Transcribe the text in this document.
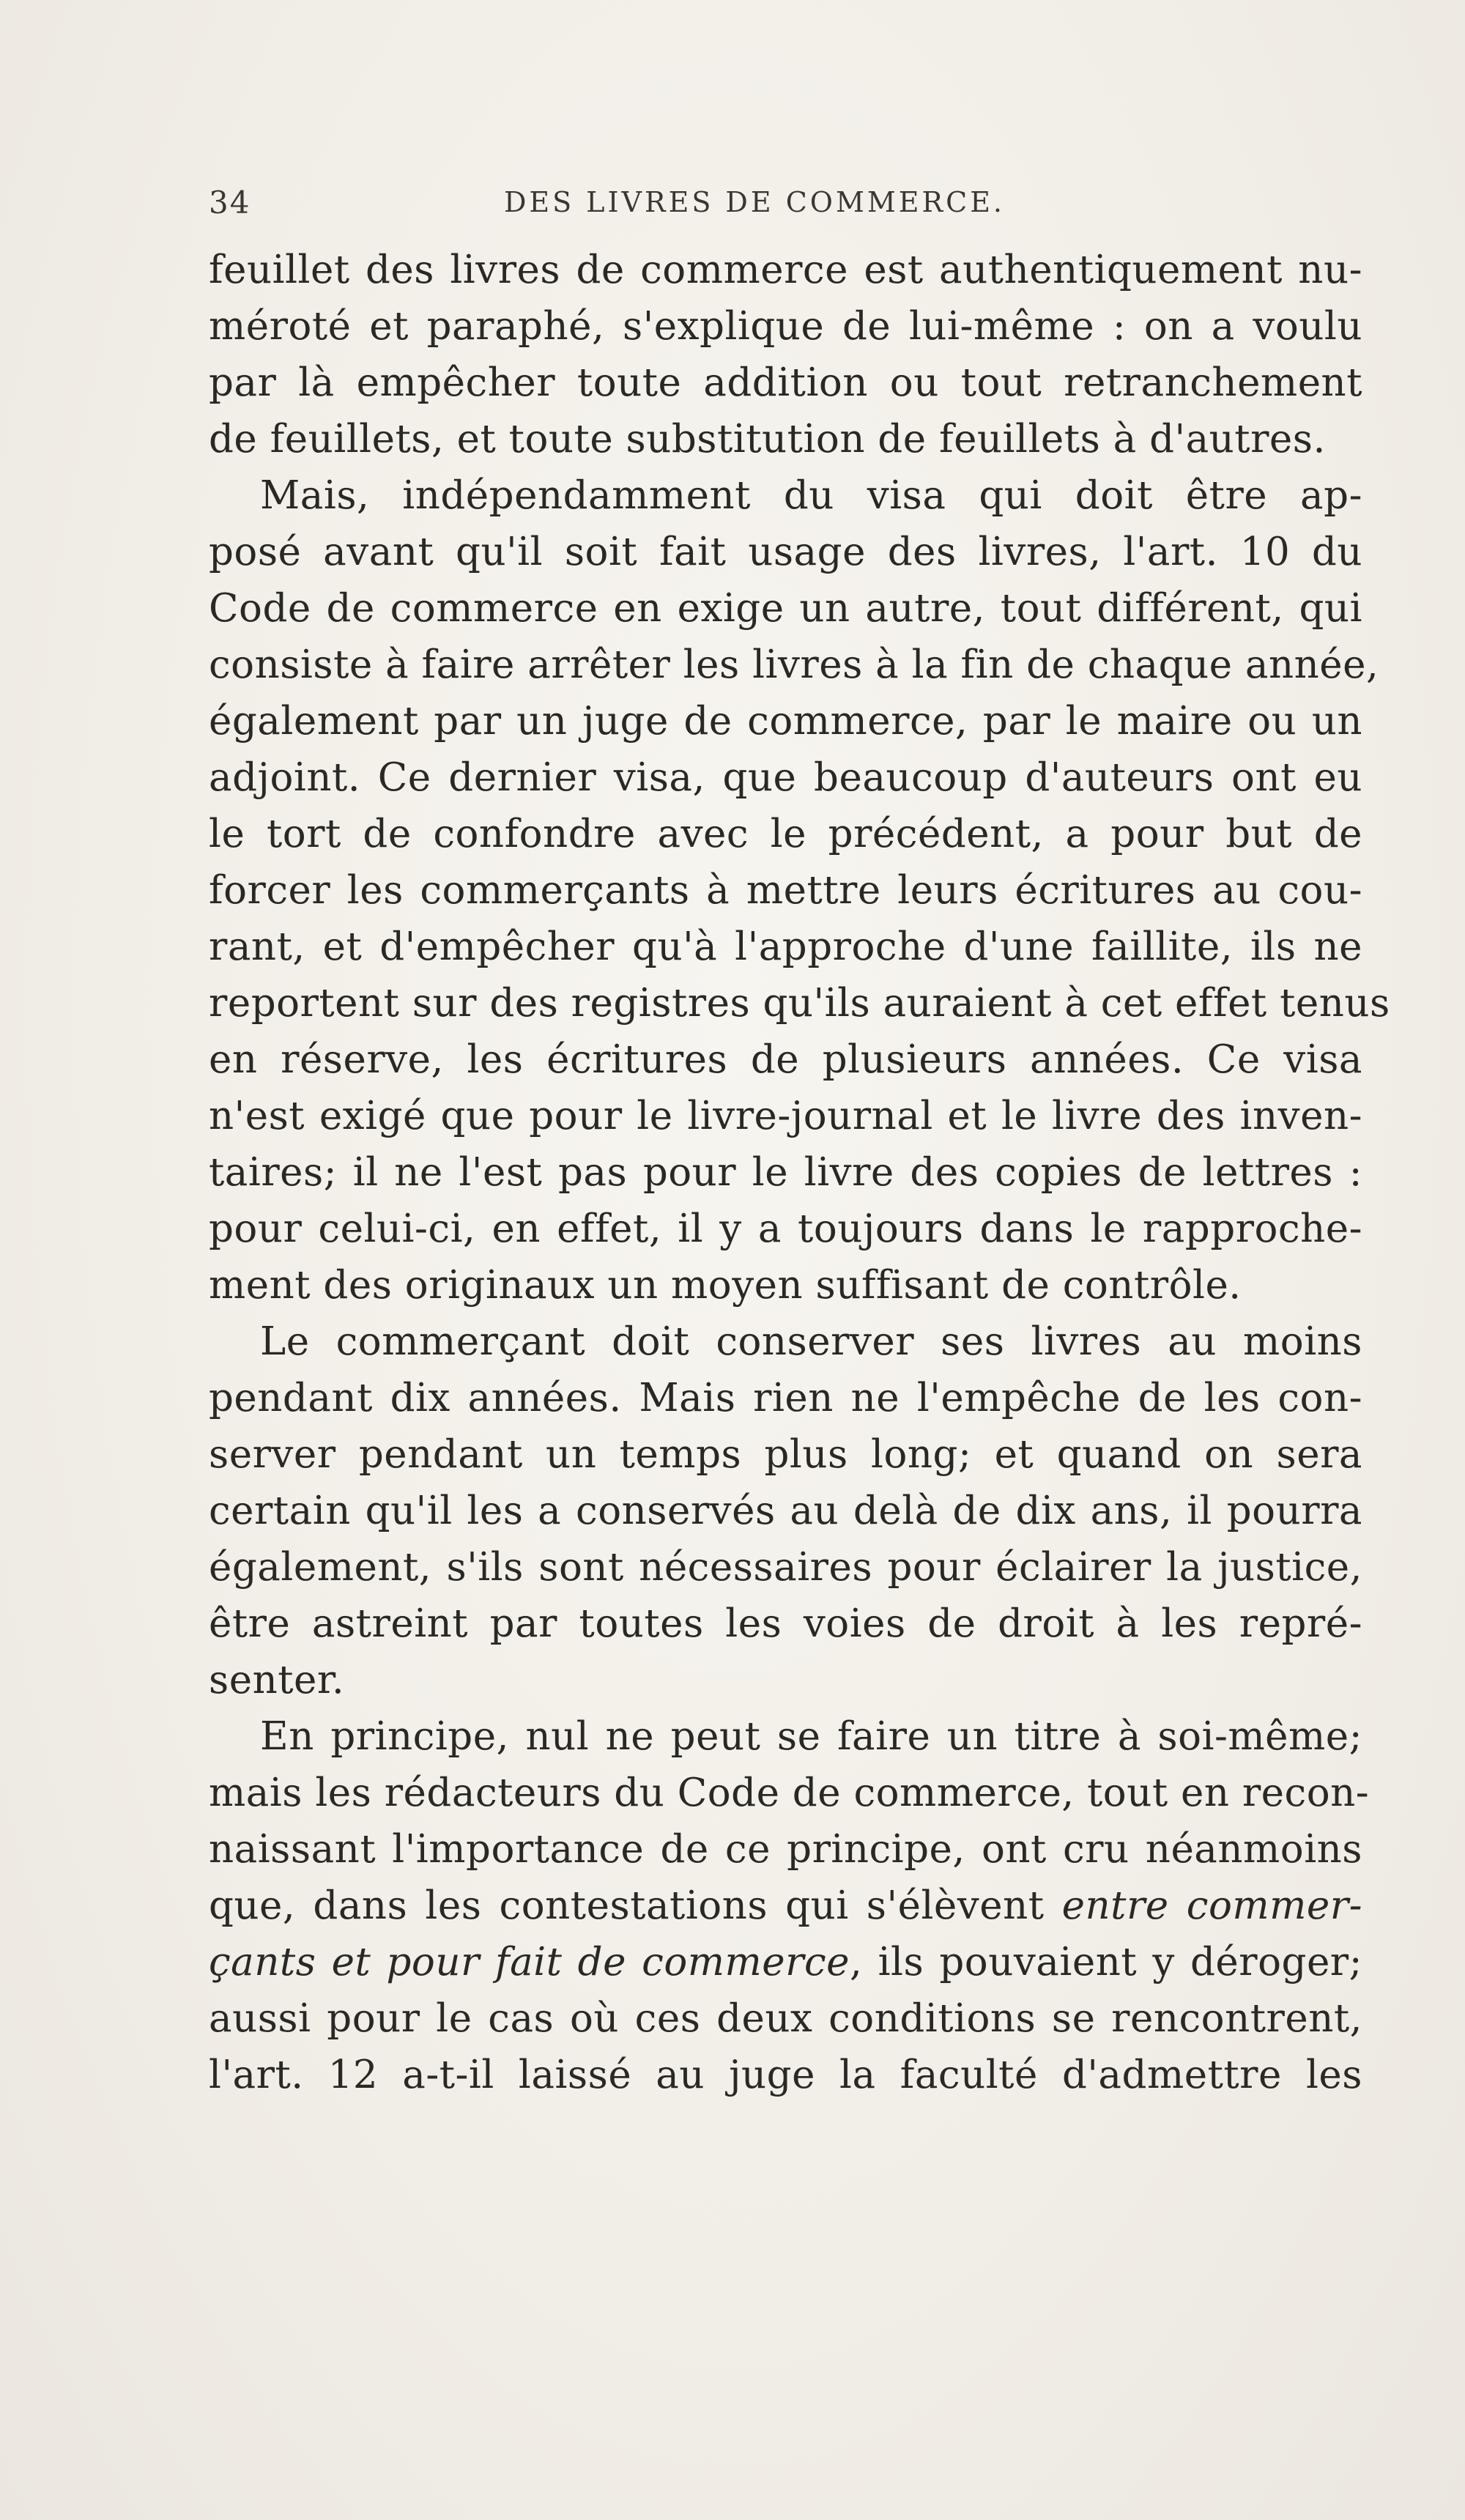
34	DES LIVRES DE COMMERCE.
feuillet des livres de commerce est authentiquement nu-
méroté et paraphé, s'explique de lui-même : on a voulu
par là empêcher toute addition ou tout retranchement
de feuillets, et toute substitution de feuillets à d'autres.
Mais, indépendamment du visa qui doit être ap-
posé avant qu'il soit fait usage des livres, l'art. 10 du
Code de commerce en exige un autre, tout différent, qui
consiste à faire arrêter les livres à la fin de chaque année,
également par un juge de commerce, par le maire ou un
adjoint. Ce dernier visa, que beaucoup d'auteurs ont eu
le tort de confondre avec le précédent, a pour but de
forcer les commerçants à mettre leurs écritures au cou-
rant, et d'empêcher qu'à l'approche d'une faillite, ils ne
reportent sur des registres qu'ils auraient à cet effet tenus
en réserve, les écritures de plusieurs années. Ce visa
n'est exigé que pour le livre-journal et le livre des inven-
taires; il ne l'est pas pour le livre des copies de lettres :
pour celui-ci, en effet, il y a toujours dans le rapproche-
ment des originaux un moyen suffisant de contrôle.
Le commerçant doit conserver ses livres au moins
pendant dix années. Mais rien ne l'empêche de les con-
server pendant un temps plus long; et quand on sera
certain qu'il les a conservés au delà de dix ans, il pourra
également, s'ils sont nécessaires pour éclairer la justice,
être astreint par toutes les voies de droit à les repré-
senter.
En principe, nul ne peut se faire un titre à soi-même;
mais les rédacteurs du Code de commerce, tout en recon-
naissant l'importance de ce principe, ont cru néanmoins
que, dans les contestations qui s'élèvent entre commer-
çants et pour fait de commerce, ils pouvaient y déroger;
aussi pour le cas où ces deux conditions se rencontrent,
l'art. 12 a-t-il laissé au juge la faculté d'admettre les
